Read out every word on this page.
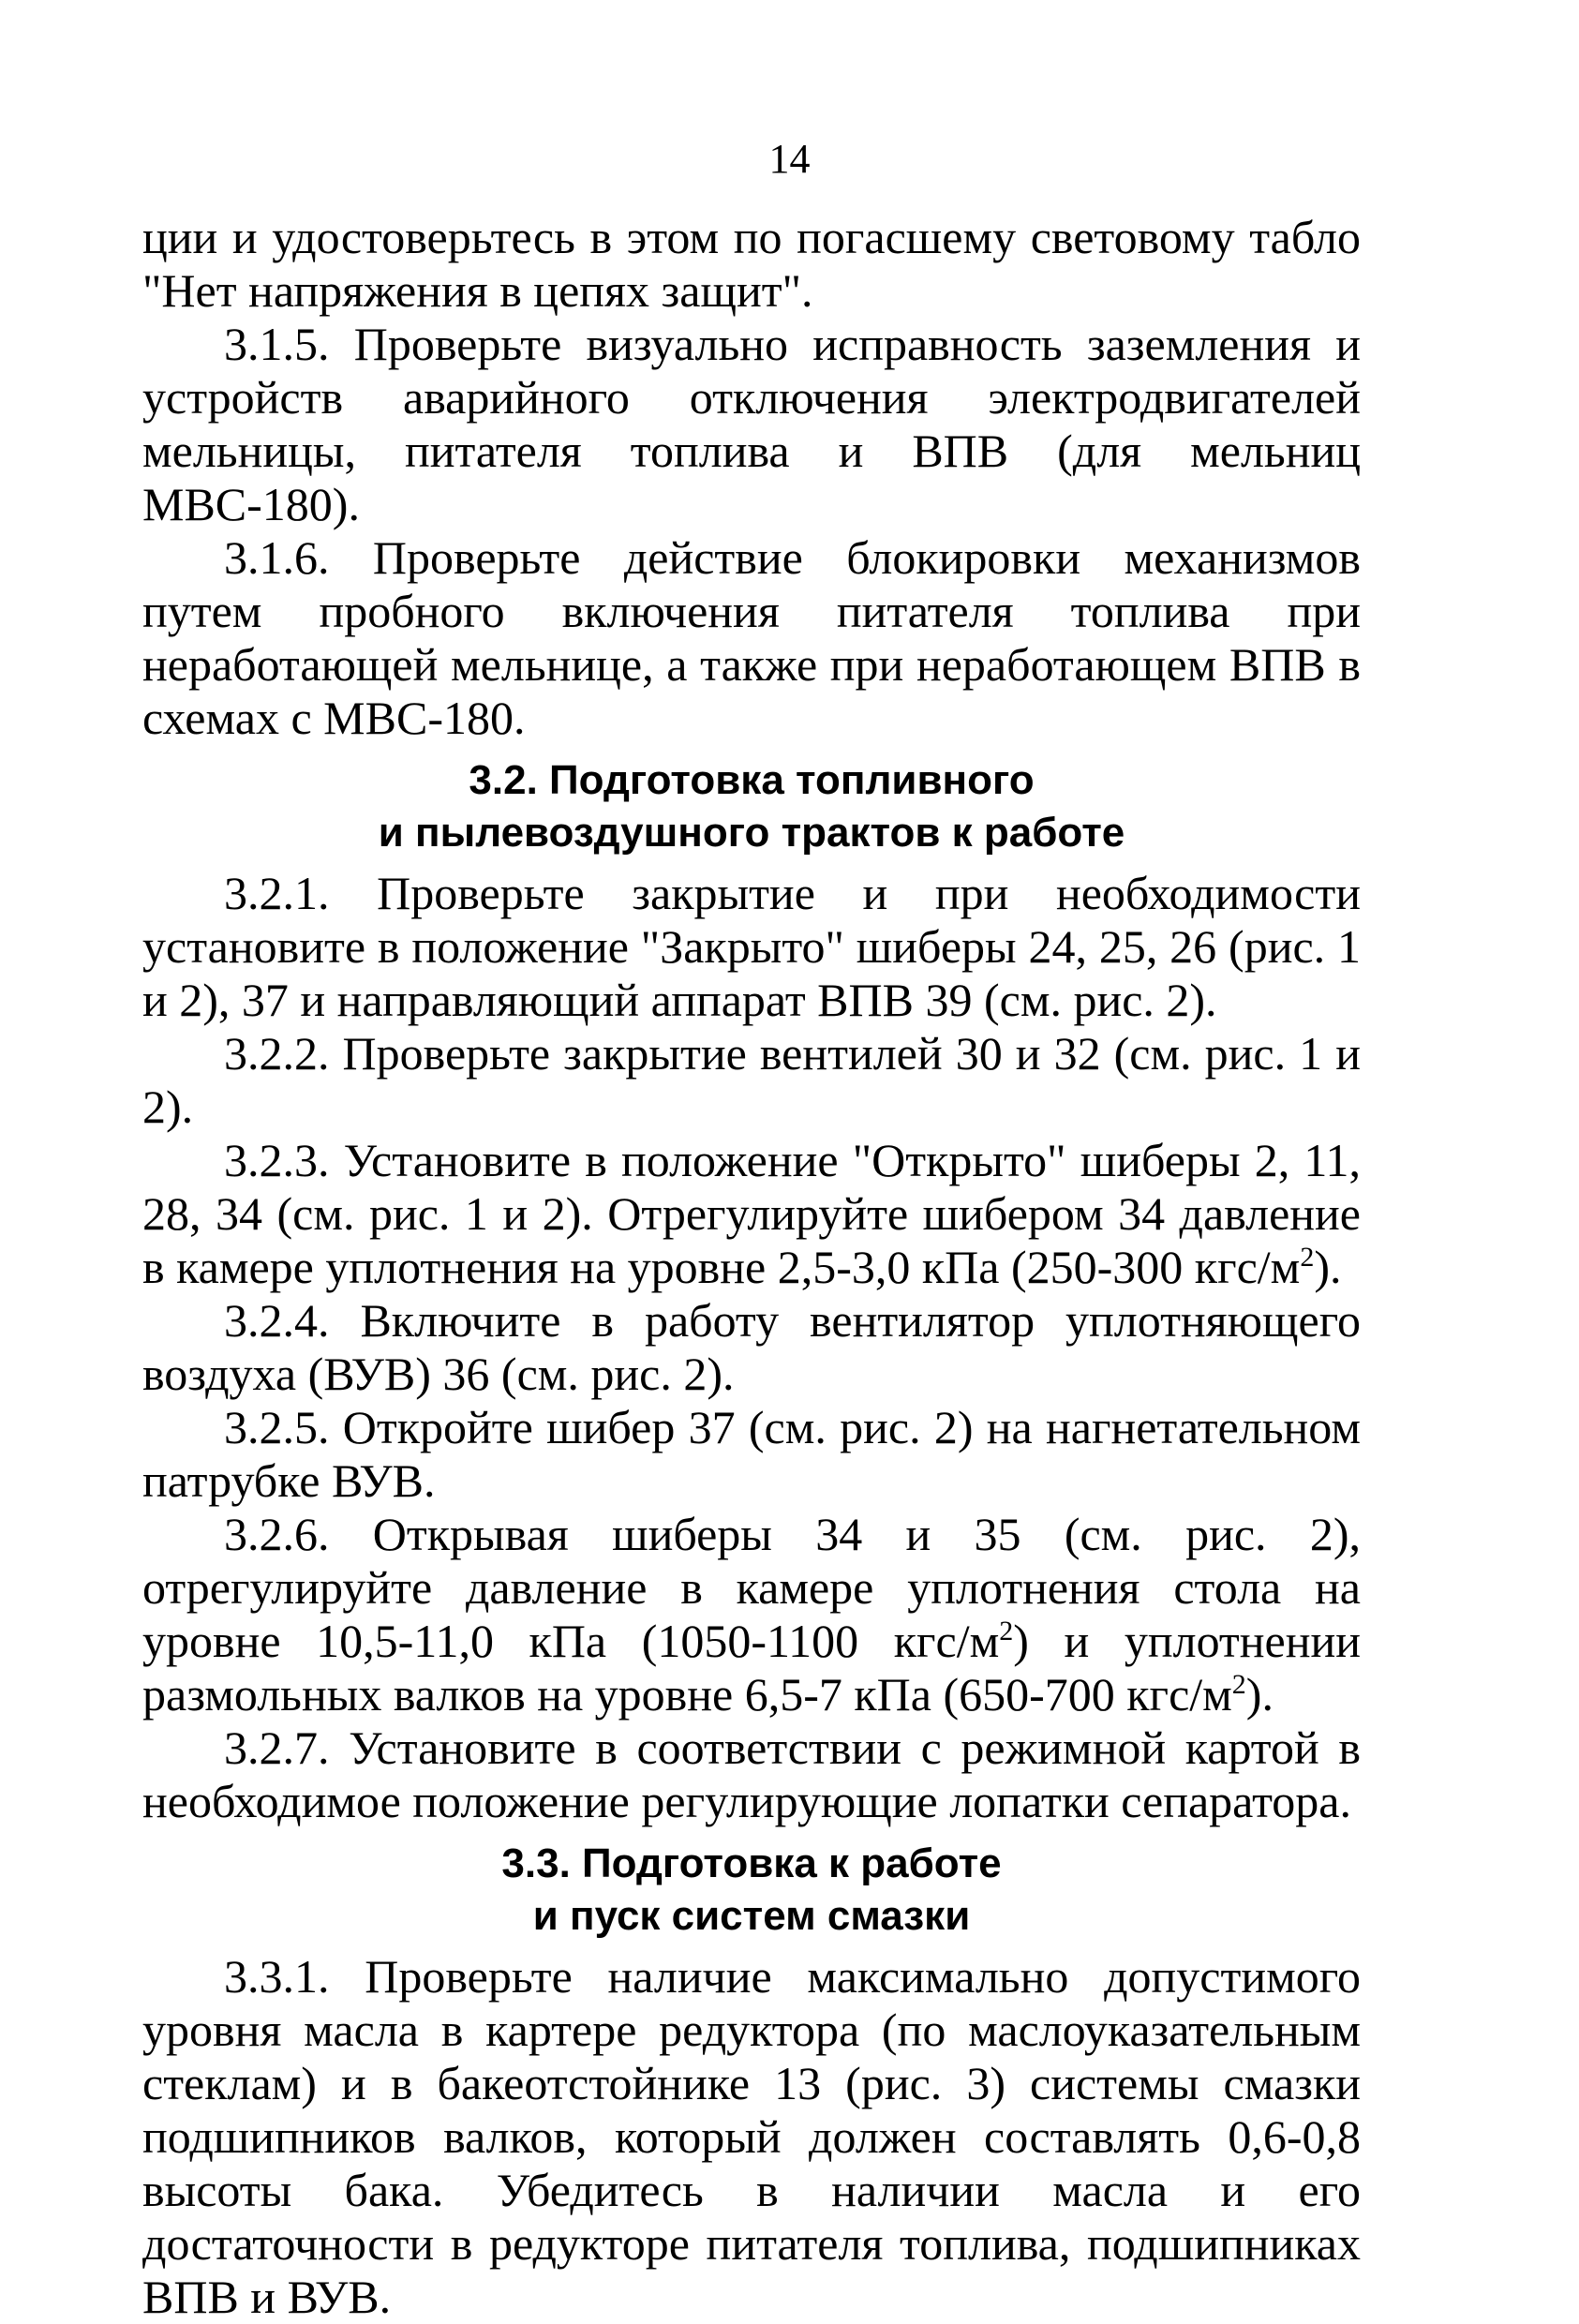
14

ции и удостоверьтесь в этом по погасшему световому табло "Нет напряжения в цепях защит".

3.1.5. Проверьте визуально исправность заземления и устройств аварийного отключения электродвигателей мельницы, питателя топлива и ВПВ (для мельниц МВС-180).

3.1.6. Проверьте действие блокировки механизмов путем пробного включения питателя топлива при неработающей мельнице, а также при неработающем ВПВ в схемах с МВС-180.

3.2. Подготовка топливного
и пылевоздушного трактов к работе

3.2.1. Проверьте закрытие и при необходимости установите в положение "Закрыто" шиберы 24, 25, 26 (рис. 1 и 2), 37 и направляющий аппарат ВПВ 39 (см. рис. 2).

3.2.2. Проверьте закрытие вентилей 30 и 32 (см. рис. 1 и 2).

3.2.3. Установите в положение "Открыто" шиберы 2, 11, 28, 34 (см. рис. 1 и 2). Отрегулируйте шибером 34 давление в камере уплотнения на уровне 2,5-3,0 кПа (250-300 кгс/$м^2$).

3.2.4. Включите в работу вентилятор уплотняющего воздуха (ВУВ) 36 (см. рис. 2).

3.2.5. Откройте шибер 37 (см. рис. 2) на нагнетательном патрубке ВУВ.

3.2.6. Открывая шиберы 34 и 35 (см. рис. 2), отрегулируйте давление в камере уплотнения стола на уровне 10,5-11,0 кПа (1050-1100 кгс/$м^2$) и уплотнении размольных валков на уровне 6,5-7 кПа (650-700 кгс/$м^2$).

3.2.7. Установите в соответствии с режимной картой в необходимое положение регулирующие лопатки сепаратора.

3.3. Подготовка к работе
и пуск систем смазки

3.3.1. Проверьте наличие максимально допустимого уровня масла в картере редуктора (по маслоуказательным стеклам) и в бакеотстойнике 13 (рис. 3) системы смазки подшипников валков, который должен составлять 0,6-0,8 высоты бака. Убедитесь в наличии масла и его достаточности в редукторе питателя топлива, подшипниках ВПВ и ВУВ.
